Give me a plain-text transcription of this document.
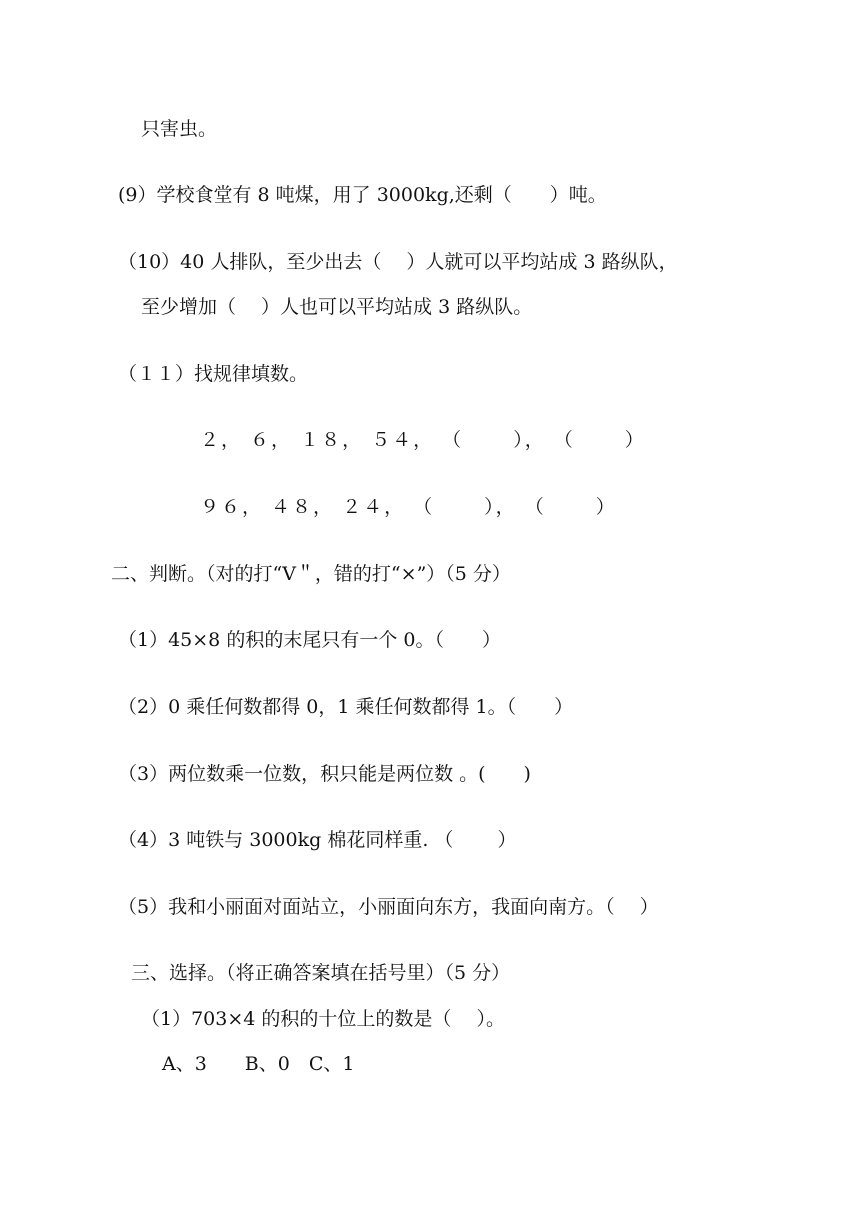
只害虫。
(9）学校食堂有 8 吨煤，用了 3000kg,还剩（　　）吨。
（10）40 人排队，至少出去（　 ）人就可以平均站成 3 路纵队，
至少增加（　 ）人也可以平均站成 3 路纵队。
（１１）找规律填数。
２， ６， １８， ５４， （　　 ）， （　　 ）
９６， ４８， ２４， （　　 ）， （　　 ）
二、判断。（对的打“V＂，错的打“×”）（5 分）
（1）45×8 的积的末尾只有一个 0。（　　）
（2）0 乘任何数都得 0，1 乘任何数都得 1。（　　）
（3）两位数乘一位数，积只能是两位数 。(　　)
（4）3 吨铁与 3000kg 棉花同样重. （　　 ）
（5）我和小丽面对面站立，小丽面向东方，我面向南方。（　 ）
三、选择。（将正确答案填在括号里）（5 分）
（1）703×4 的积的十位上的数是（　 ）。
A、3　　B、0　C、1
